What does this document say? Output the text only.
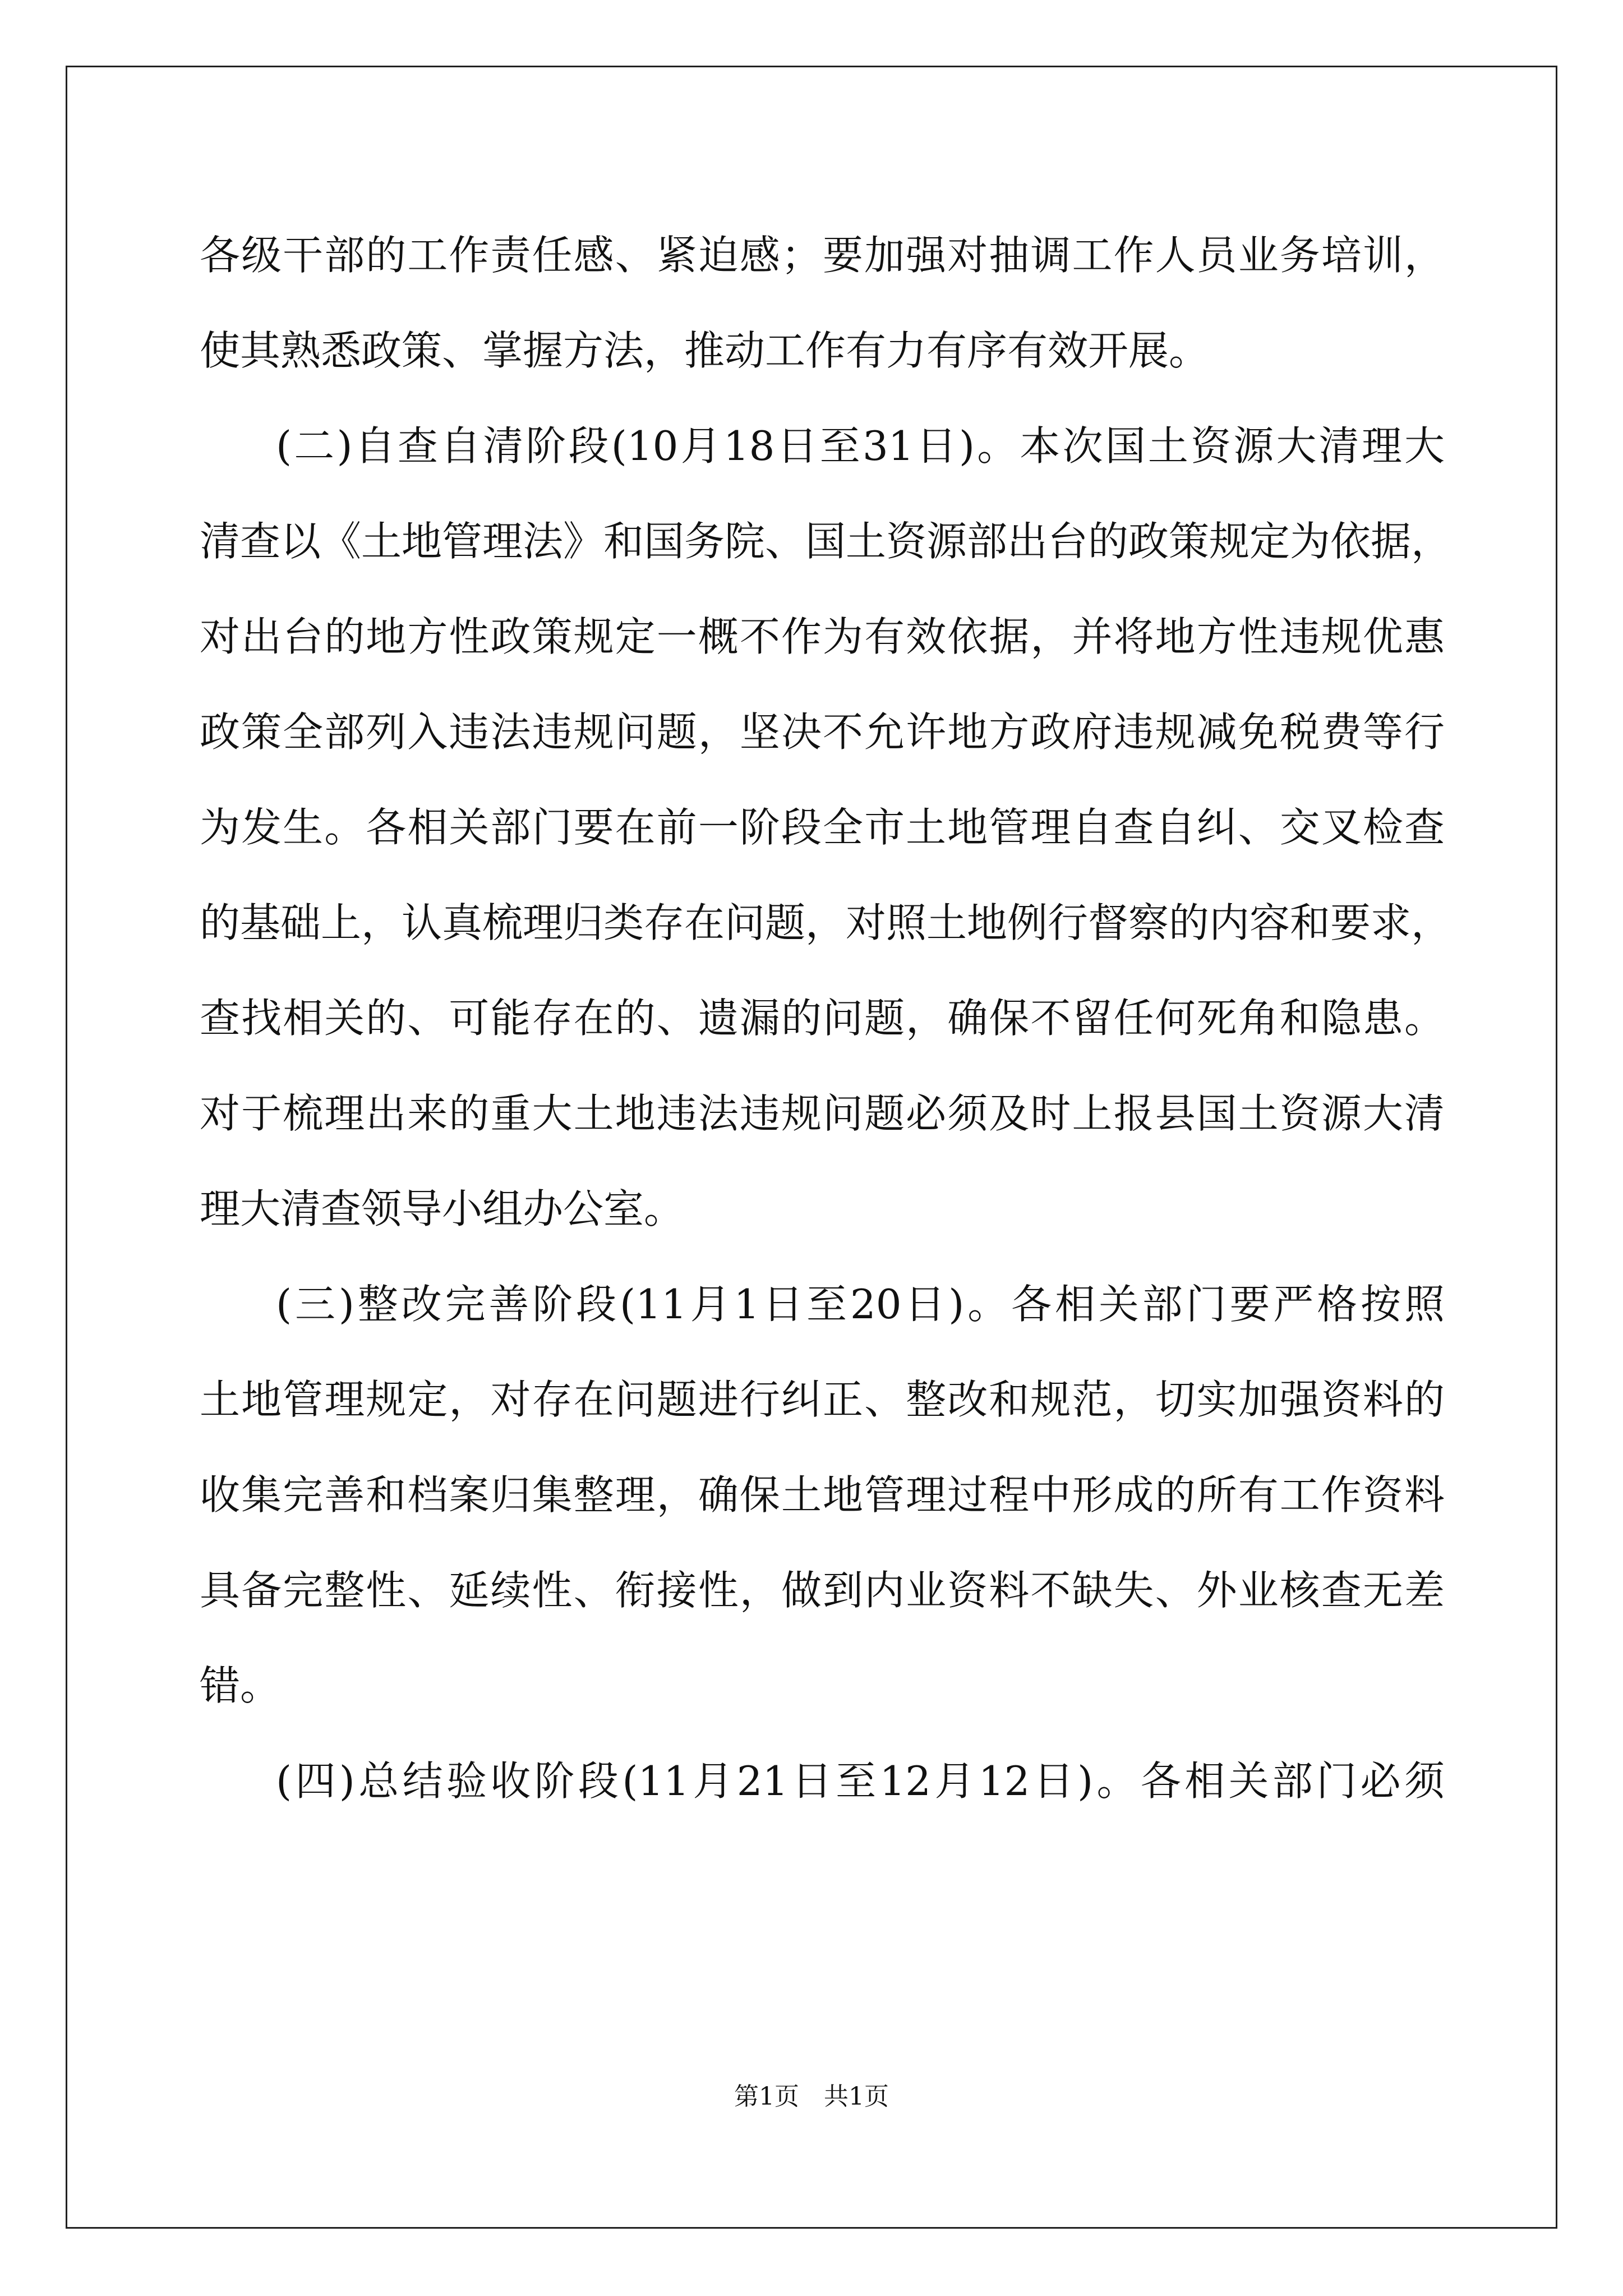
各级干部的工作责任感、紧迫感；要加强对抽调工作人员业务培训，

使其熟悉政策、掌握方法，推动工作有力有序有效开展。

(二)自查自清阶段(10月18日至31日)。本次国土资源大清理大

清查以《土地管理法》和国务院、国土资源部出台的政策规定为依据，

对出台的地方性政策规定一概不作为有效依据，并将地方性违规优惠

政策全部列入违法违规问题，坚决不允许地方政府违规减免税费等行

为发生。各相关部门要在前一阶段全市土地管理自查自纠、交叉检查

的基础上，认真梳理归类存在问题，对照土地例行督察的内容和要求，

查找相关的、可能存在的、遗漏的问题，确保不留任何死角和隐患。

对于梳理出来的重大土地违法违规问题必须及时上报县国土资源大清

理大清查领导小组办公室。

(三)整改完善阶段(11月1日至20日)。各相关部门要严格按照

土地管理规定，对存在问题进行纠正、整改和规范，切实加强资料的

收集完善和档案归集整理，确保土地管理过程中形成的所有工作资料

具备完整性、延续性、衔接性，做到内业资料不缺失、外业核查无差

错。

(四)总结验收阶段(11月21日至12月12日)。各相关部门必须

第1页　共1页
